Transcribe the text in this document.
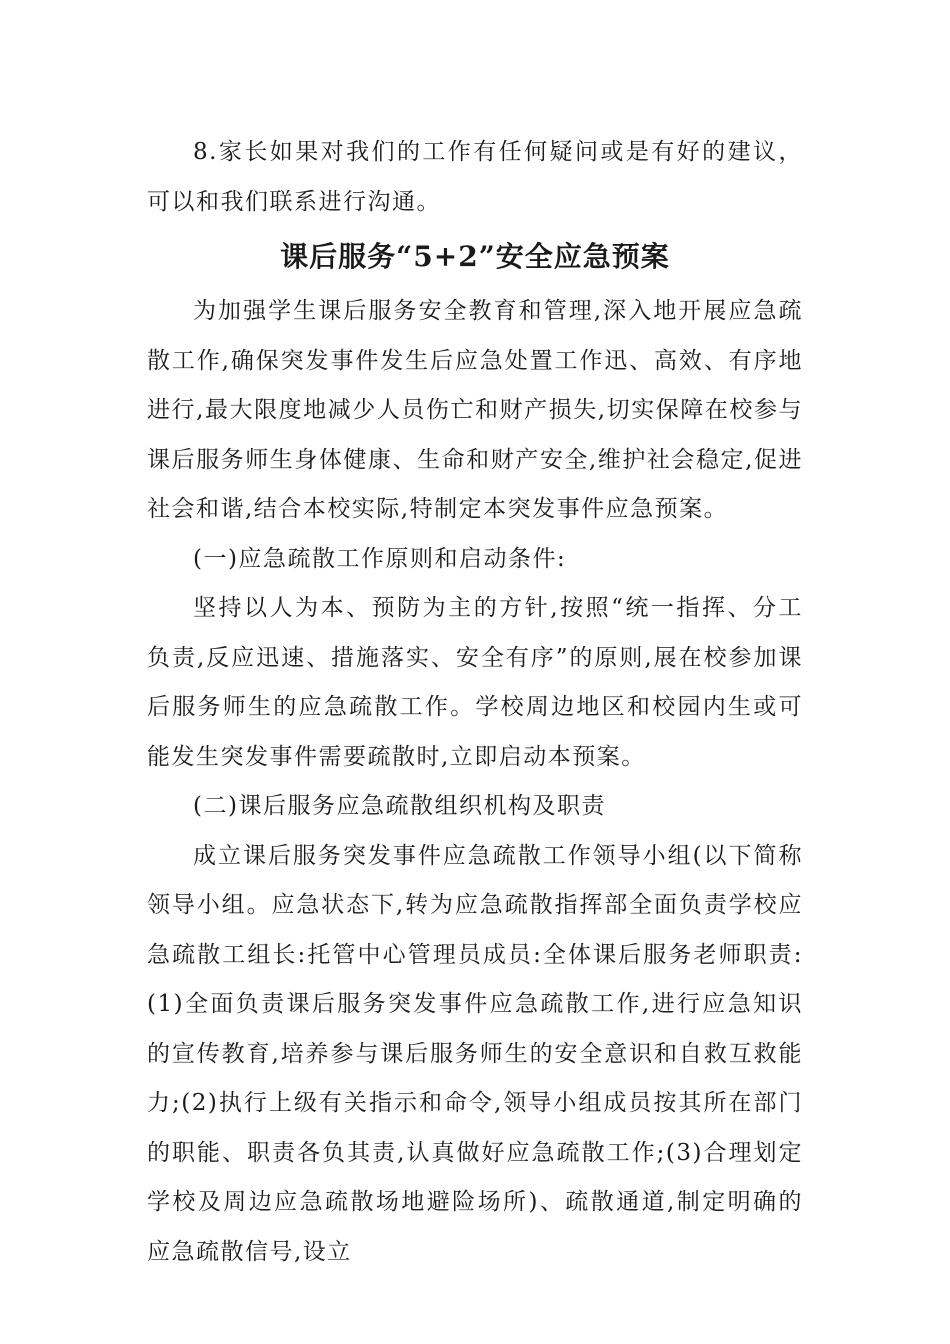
8.家长如果对我们的工作有任何疑问或是有好的建议，可以和我们联系进行沟通。

课后服务“5+2”安全应急预案

为加强学生课后服务安全教育和管理,深入地开展应急疏散工作,确保突发事件发生后应急处置工作迅、高效、有序地进行,最大限度地减少人员伤亡和财产损失,切实保障在校参与课后服务师生身体健康、生命和财产安全,维护社会稳定,促进社会和谐,结合本校实际,特制定本突发事件应急预案。

(一)应急疏散工作原则和启动条件:

坚持以人为本、预防为主的方针,按照“统一指挥、分工负责,反应迅速、措施落实、安全有序”的原则,展在校参加课后服务师生的应急疏散工作。学校周边地区和校园内生或可能发生突发事件需要疏散时,立即启动本预案。

(二)课后服务应急疏散组织机构及职责

成立课后服务突发事件应急疏散工作领导小组(以下简称领导小组。应急状态下,转为应急疏散指挥部全面负责学校应急疏散工组长:托管中心管理员成员:全体课后服务老师职责:(1)全面负责课后服务突发事件应急疏散工作,进行应急知识的宣传教育,培养参与课后服务师生的安全意识和自救互救能力;(2)执行上级有关指示和命令,领导小组成员按其所在部门的职能、职责各负其责,认真做好应急疏散工作;(3)合理划定学校及周边应急疏散场地避险场所)、疏散通道,制定明确的应急疏散信号,设立
